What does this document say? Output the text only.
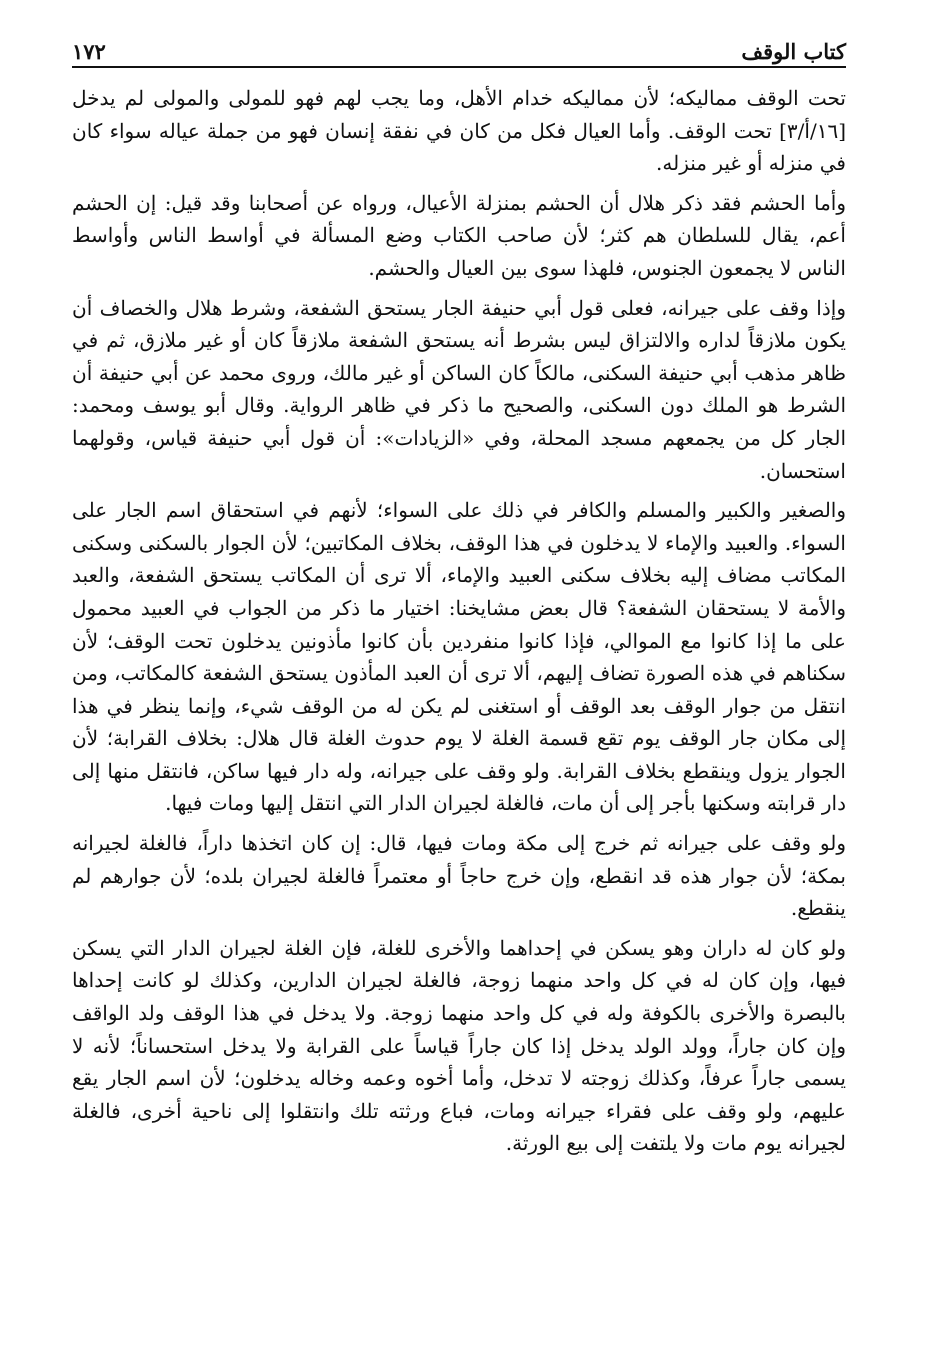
كتاب الوقف
١٧٢

تحت الوقف مماليكه؛ لأن مماليكه خدام الأهل، وما يجب لهم فهو للمولى والمولى لم يدخل [١٦/أ/٣] تحت الوقف. وأما العيال فكل من كان في نفقة إنسان فهو من جملة عياله سواء كان في منزله أو غير منزله.

وأما الحشم فقد ذكر هلال أن الحشم بمنزلة الأعيال، ورواه عن أصحابنا وقد قيل: إن الحشم أعم، يقال للسلطان هم كثر؛ لأن صاحب الكتاب وضع المسألة في أواسط الناس وأواسط الناس لا يجمعون الجنوس، فلهذا سوى بين العيال والحشم.

وإذا وقف على جيرانه، فعلى قول أبي حنيفة الجار يستحق الشفعة، وشرط هلال والخصاف أن يكون ملازقاً لداره والالتزاق ليس بشرط أنه يستحق الشفعة ملازقاً كان أو غير ملازق، ثم في ظاهر مذهب أبي حنيفة السكنى، مالكاً كان الساكن أو غير مالك، وروى محمد عن أبي حنيفة أن الشرط هو الملك دون السكنى، والصحيح ما ذكر في ظاهر الرواية. وقال أبو يوسف ومحمد: الجار كل من يجمعهم مسجد المحلة، وفي «الزيادات»: أن قول أبي حنيفة قياس، وقولهما استحسان.

والصغير والكبير والمسلم والكافر في ذلك على السواء؛ لأنهم في استحقاق اسم الجار على السواء. والعبيد والإماء لا يدخلون في هذا الوقف، بخلاف المكاتبين؛ لأن الجوار بالسكنى وسكنى المكاتب مضاف إليه بخلاف سكنى العبيد والإماء، ألا ترى أن المكاتب يستحق الشفعة، والعبد والأمة لا يستحقان الشفعة؟ قال بعض مشايخنا: اختيار ما ذكر من الجواب في العبيد محمول على ما إذا كانوا مع الموالي، فإذا كانوا منفردين بأن كانوا مأذونين يدخلون تحت الوقف؛ لأن سكناهم في هذه الصورة تضاف إليهم، ألا ترى أن العبد المأذون يستحق الشفعة كالمكاتب، ومن انتقل من جوار الوقف بعد الوقف أو استغنى لم يكن له من الوقف شيء، وإنما ينظر في هذا إلى مكان جار الوقف يوم تقع قسمة الغلة لا يوم حدوث الغلة قال هلال: بخلاف القرابة؛ لأن الجوار يزول وينقطع بخلاف القرابة. ولو وقف على جيرانه، وله دار فيها ساكن، فانتقل منها إلى دار قرابته وسكنها بأجر إلى أن مات، فالغلة لجيران الدار التي انتقل إليها ومات فيها.

ولو وقف على جيرانه ثم خرج إلى مكة ومات فيها، قال: إن كان اتخذها داراً، فالغلة لجيرانه بمكة؛ لأن جوار هذه قد انقطع، وإن خرج حاجاً أو معتمراً فالغلة لجيران بلده؛ لأن جوارهم لم ينقطع.

ولو كان له داران وهو يسكن في إحداهما والأخرى للغلة، فإن الغلة لجيران الدار التي يسكن فيها، وإن كان له في كل واحد منهما زوجة، فالغلة لجيران الدارين، وكذلك لو كانت إحداها بالبصرة والأخرى بالكوفة وله في كل واحد منهما زوجة. ولا يدخل في هذا الوقف ولد الواقف وإن كان جاراً، وولد الولد يدخل إذا كان جاراً قياساً على القرابة ولا يدخل استحساناً؛ لأنه لا يسمى جاراً عرفاً، وكذلك زوجته لا تدخل، وأما أخوه وعمه وخاله يدخلون؛ لأن اسم الجار يقع عليهم، ولو وقف على فقراء جيرانه ومات، فباع ورثته تلك وانتقلوا إلى ناحية أخرى، فالغلة لجيرانه يوم مات ولا يلتفت إلى بيع الورثة.
